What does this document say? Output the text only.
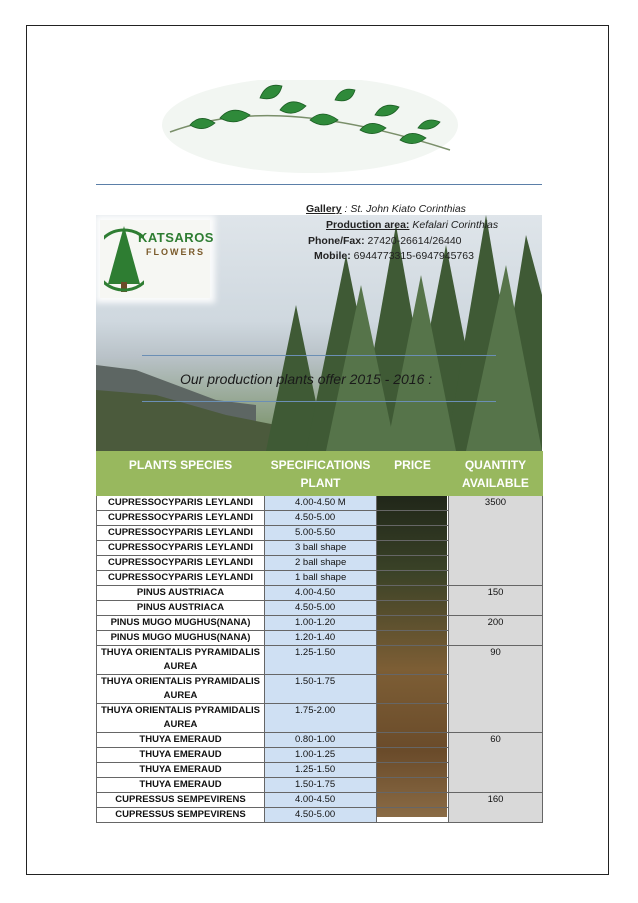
KATSAROS
FLOWERS
Gallery : St. John Kiato Corinthias
Production area: Kefalari Corinthias
Phone/Fax: 27420-26614/26440
Mobile: 6944773315-6947945763
Our production plants offer 2015 - 2016 :
PLANTS SPECIES	SPECIFICATIONS PLANT	PRICE	QUANTITY AVAILABLE
CUPRESSOCYPARIS LEYLANDI	4.00-4.50 M		3500
CUPRESSOCYPARIS LEYLANDI	4.50-5.00		
CUPRESSOCYPARIS LEYLANDI	5.00-5.50		
CUPRESSOCYPARIS LEYLANDI	3 ball shape		
CUPRESSOCYPARIS LEYLANDI	2 ball shape		
CUPRESSOCYPARIS LEYLANDI	1 ball shape		
PINUS AUSTRIACA	4.00-4.50		150
PINUS AUSTRIACA	4.50-5.00		
PINUS MUGO MUGHUS(NANA)	1.00-1.20		200
PINUS MUGO MUGHUS(NANA)	1.20-1.40		
THUYA ORIENTALIS PYRAMIDALIS AUREA	1.25-1.50		90
THUYA ORIENTALIS PYRAMIDALIS AUREA	1.50-1.75		
THUYA ORIENTALIS PYRAMIDALIS AUREA	1.75-2.00		
THUYA EMERAUD	0.80-1.00		60
THUYA EMERAUD	1.00-1.25		
THUYA EMERAUD	1.25-1.50		
THUYA EMERAUD	1.50-1.75		
CUPRESSUS SEMPEVIRENS	4.00-4.50		160
CUPRESSUS SEMPEVIRENS	4.50-5.00		
